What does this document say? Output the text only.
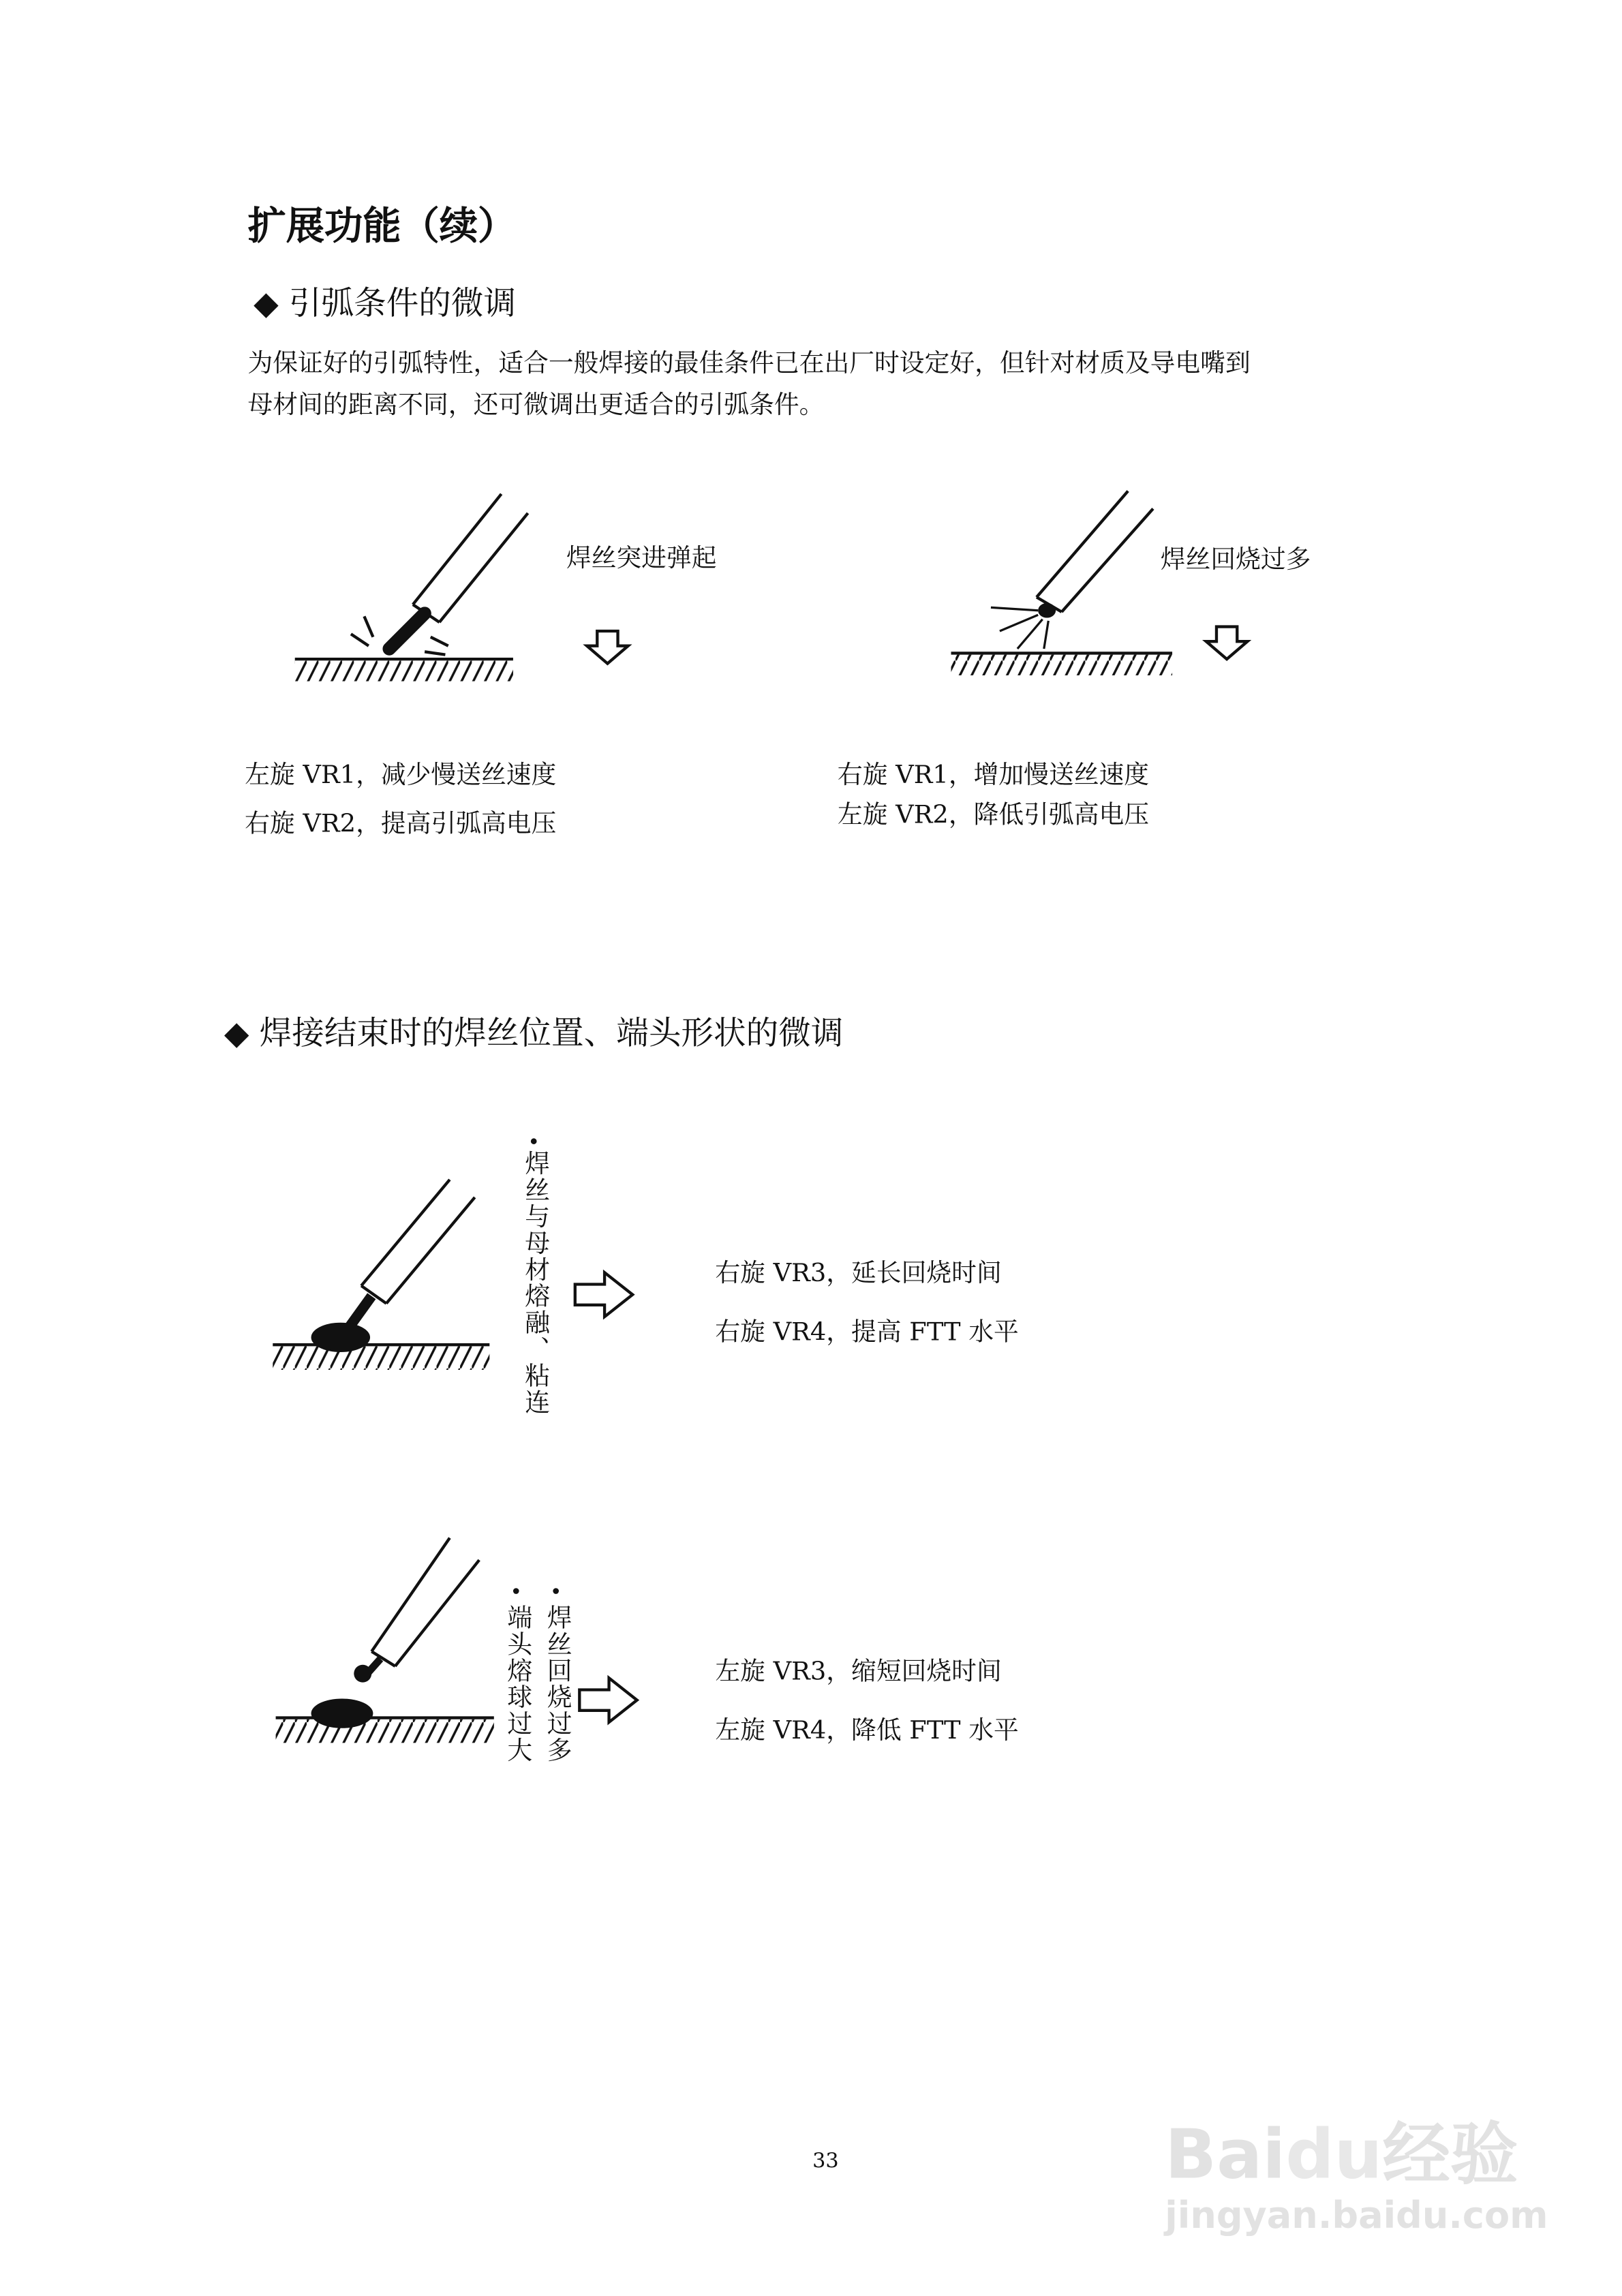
扩展功能（续）
◆ 引弧条件的微调
为保证好的引弧特性，适合一般焊接的最佳条件已在出厂时设定好，但针对材质及导电嘴到
母材间的距离不同，还可微调出更适合的引弧条件。
焊丝突进弹起	焊丝回烧过多
左旋 VR1，减少慢送丝速度
右旋 VR2，提高引弧高电压
右旋 VR1，增加慢送丝速度
左旋 VR2，降低引弧高电压
◆ 焊接结束时的焊丝位置、端头形状的微调
焊丝与母材熔融、粘连	右旋 VR3，延长回烧时间
右旋 VR4，提高 FTT 水平
焊丝回烧过多
端头熔球过大	左旋 VR3，缩短回烧时间
左旋 VR4，降低 FTT 水平
33	Baidu经验
jingyan.baidu.com
